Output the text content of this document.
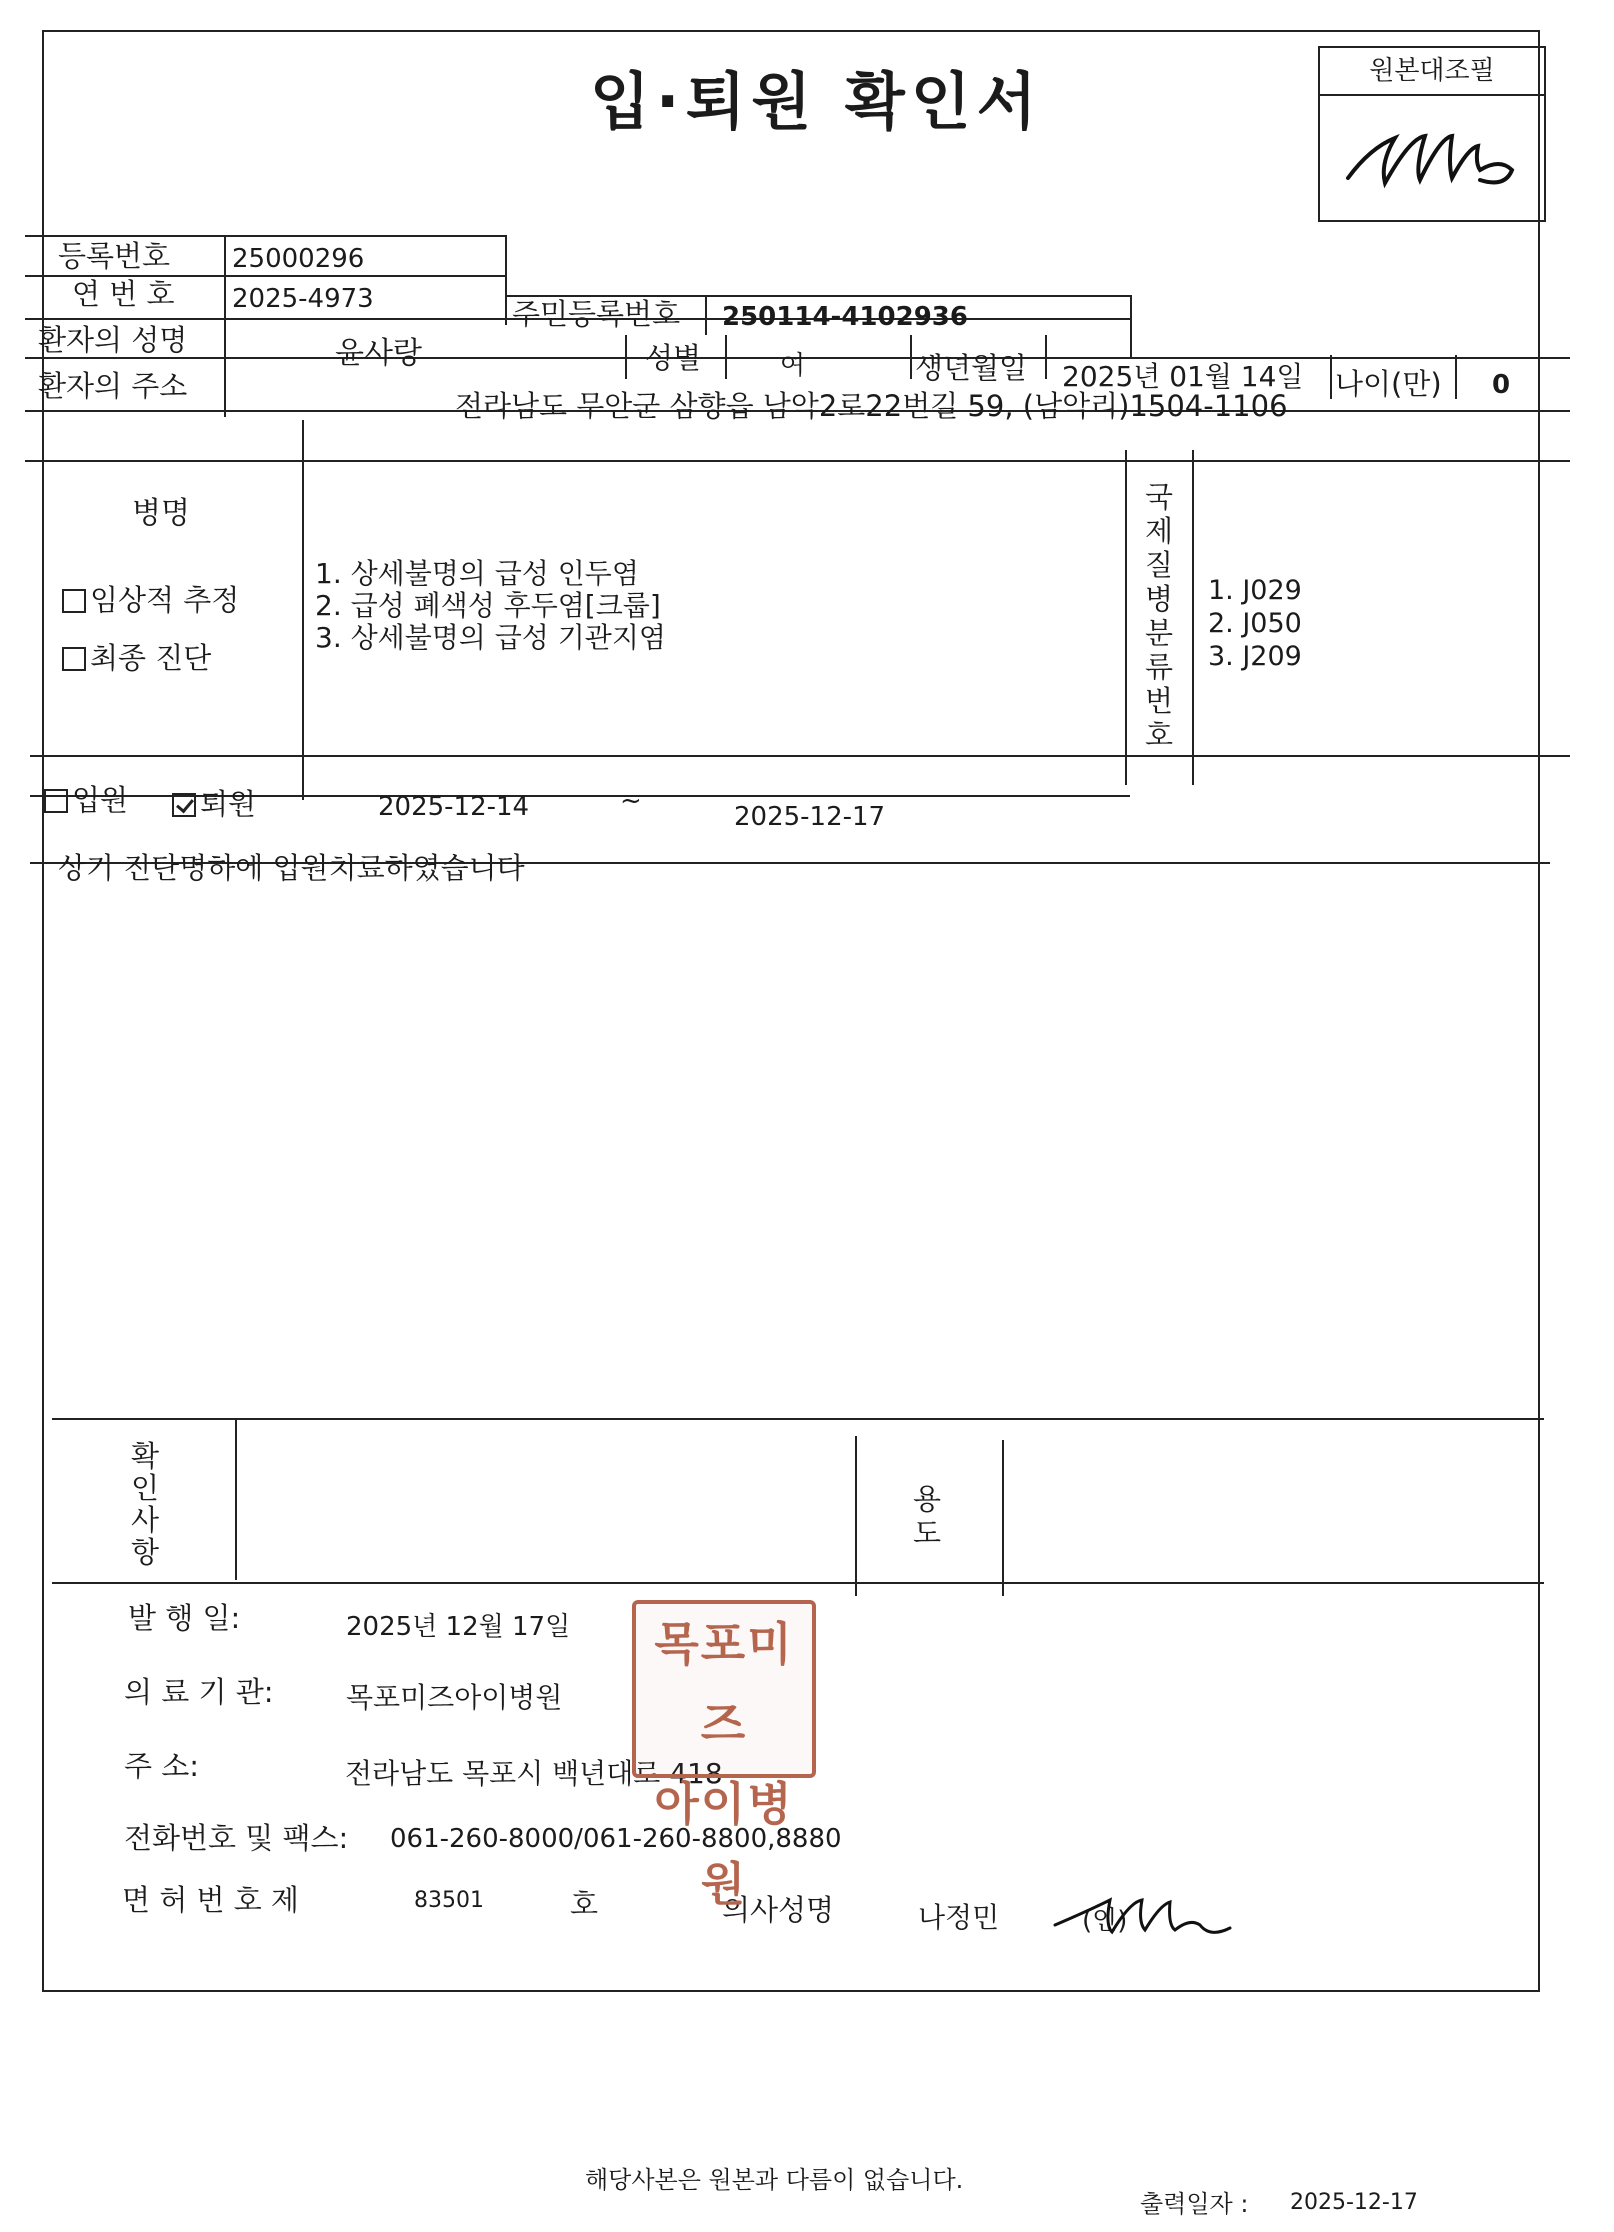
입·퇴원 확인서	원본대조필
등록번호 25000296
연 번 호 2025-4973	주민등록번호 250114-4102936
환자의 성명	윤사랑	성별	여	생년월일 2025년 01월 14일 나이(만) 0
환자의 주소
전라남도 무안군 삼향읍 남악2로22번길 59, (남악리)1504-1106
병명
임상적 추정
최종 진단
1. 상세불명의 급성 인두염
2. 급성 폐색성 후두염[크룹]
3. 상세불명의 급성 기관지염
국
제
질
병
분
류
번
호
1. J029
2. J050
3. J209
입원	퇴원	2025-12-14	~
2025-12-17
상기 진단명하에 입원치료하였습니다
확
인
사
항
용
도
발 행 일:	2025년 12월 17일
의 료 기 관:	목포미즈아이병원
주 소:	전라남도 목포시 백년대로 418
전화번호 및 팩스: 061-260-8000/061-260-8800,8880
면 허 번 호 제	83501	호	의사성명	나정민	(인)
목포미즈
아이병원
해당사본은 원본과 다름이 없습니다.
출력일자 : 2025-12-17
